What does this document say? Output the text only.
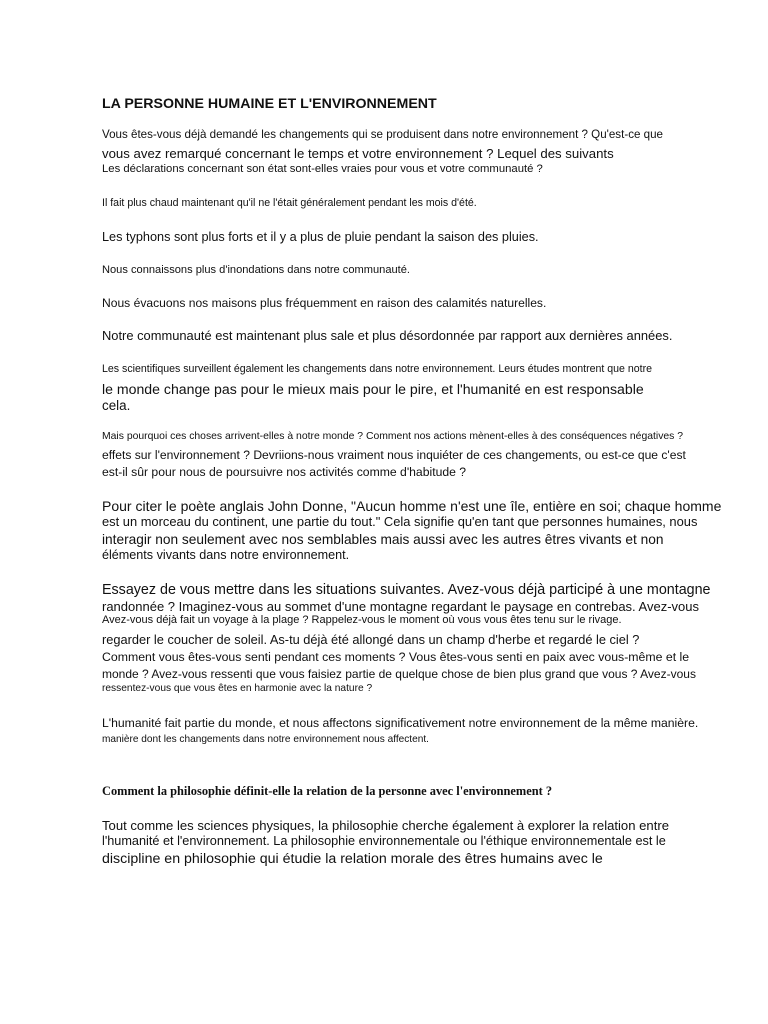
LA PERSONNE HUMAINE ET L'ENVIRONNEMENT

Vous êtes-vous déjà demandé les changements qui se produisent dans notre environnement ? Qu'est-ce que

vous avez remarqué concernant le temps et votre environnement ? Lequel des suivants

Les déclarations concernant son état sont-elles vraies pour vous et votre communauté ?

Il fait plus chaud maintenant qu'il ne l'était généralement pendant les mois d'été.

Les typhons sont plus forts et il y a plus de pluie pendant la saison des pluies.

Nous connaissons plus d'inondations dans notre communauté.

Nous évacuons nos maisons plus fréquemment en raison des calamités naturelles.

Notre communauté est maintenant plus sale et plus désordonnée par rapport aux dernières années.

Les scientifiques surveillent également les changements dans notre environnement. Leurs études montrent que notre

le monde change pas pour le mieux mais pour le pire, et l'humanité en est responsable

cela.

Mais pourquoi ces choses arrivent-elles à notre monde ? Comment nos actions mènent-elles à des conséquences négatives ?

effets sur l'environnement ? Devriions-nous vraiment nous inquiéter de ces changements, ou est-ce que c'est

est-il sûr pour nous de poursuivre nos activités comme d'habitude ?

Pour citer le poète anglais John Donne, "Aucun homme n'est une île, entière en soi; chaque homme

est un morceau du continent, une partie du tout." Cela signifie qu'en tant que personnes humaines, nous

interagir non seulement avec nos semblables mais aussi avec les autres êtres vivants et non

éléments vivants dans notre environnement.

Essayez de vous mettre dans les situations suivantes. Avez-vous déjà participé à une montagne

randonnée ? Imaginez-vous au sommet d'une montagne regardant le paysage en contrebas. Avez-vous

Avez-vous déjà fait un voyage à la plage ? Rappelez-vous le moment où vous vous êtes tenu sur le rivage.

regarder le coucher de soleil. As-tu déjà été allongé dans un champ d'herbe et regardé le ciel ?

Comment vous êtes-vous senti pendant ces moments ? Vous êtes-vous senti en paix avec vous-même et le

monde ? Avez-vous ressenti que vous faisiez partie de quelque chose de bien plus grand que vous ? Avez-vous

ressentez-vous que vous êtes en harmonie avec la nature ?

L'humanité fait partie du monde, et nous affectons significativement notre environnement de la même manière.

manière dont les changements dans notre environnement nous affectent.

Comment la philosophie définit-elle la relation de la personne avec l'environnement ?

Tout comme les sciences physiques, la philosophie cherche également à explorer la relation entre

l'humanité et l'environnement. La philosophie environnementale ou l'éthique environnementale est le

discipline en philosophie qui étudie la relation morale des êtres humains avec le
